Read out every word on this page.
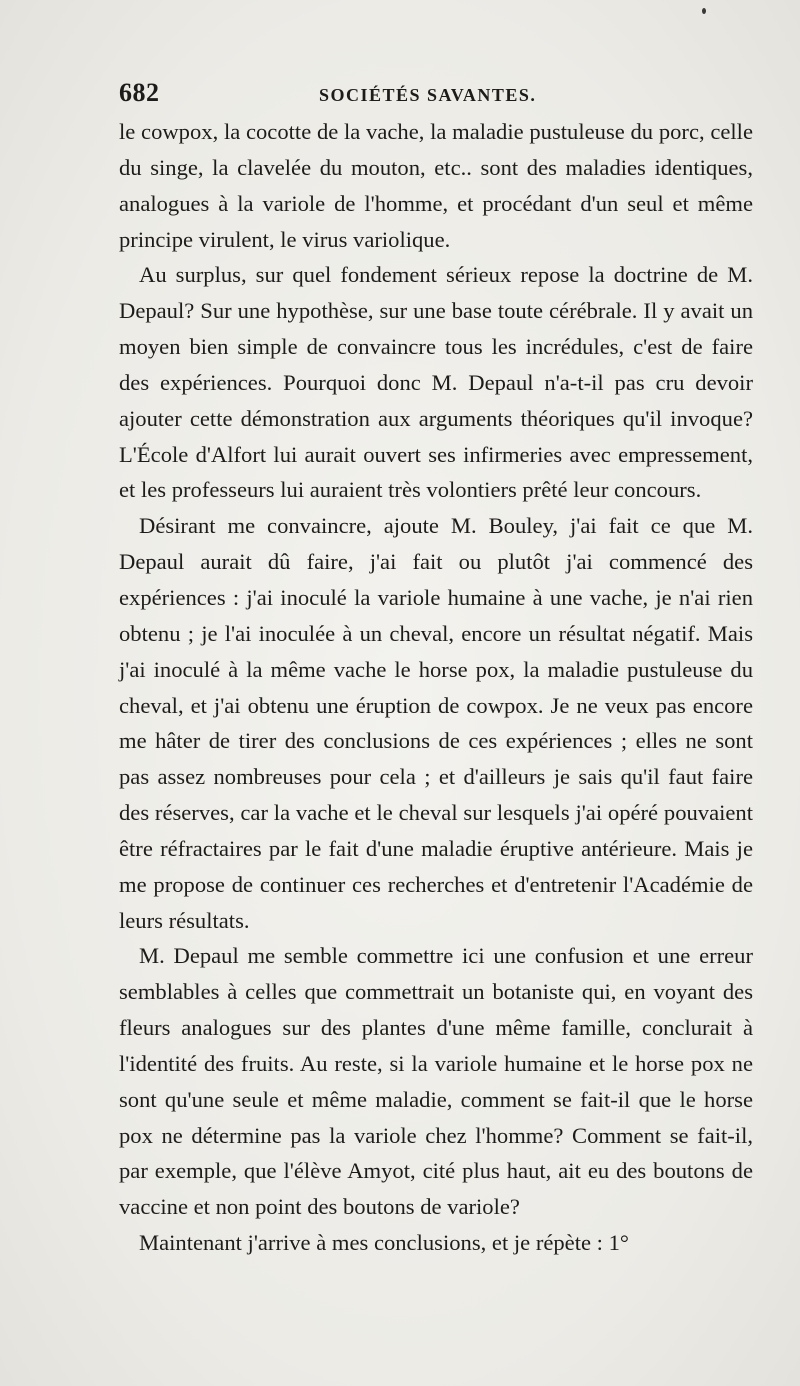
682	SOCIÉTÉS SAVANTES.

le cowpox, la cocotte de la vache, la maladie pustuleuse du porc, celle du singe, la clavelée du mouton, etc.. sont des maladies identiques, analogues à la variole de l'homme, et procédant d'un seul et même principe virulent, le virus variolique.

Au surplus, sur quel fondement sérieux repose la doctrine de M. Depaul? Sur une hypothèse, sur une base toute cérébrale. Il y avait un moyen bien simple de convaincre tous les incrédules, c'est de faire des expériences. Pourquoi donc M. Depaul n'a-t-il pas cru devoir ajouter cette démonstration aux arguments théoriques qu'il invoque? L'École d'Alfort lui aurait ouvert ses infirmeries avec empressement, et les professeurs lui auraient très volontiers prêté leur concours.

Désirant me convaincre, ajoute M. Bouley, j'ai fait ce que M. Depaul aurait dû faire, j'ai fait ou plutôt j'ai commencé des expériences : j'ai inoculé la variole humaine à une vache, je n'ai rien obtenu ; je l'ai inoculée à un cheval, encore un résultat négatif. Mais j'ai inoculé à la même vache le horse pox, la maladie pustuleuse du cheval, et j'ai obtenu une éruption de cowpox. Je ne veux pas encore me hâter de tirer des conclusions de ces expériences ; elles ne sont pas assez nombreuses pour cela ; et d'ailleurs je sais qu'il faut faire des réserves, car la vache et le cheval sur lesquels j'ai opéré pouvaient être réfractaires par le fait d'une maladie éruptive antérieure. Mais je me propose de continuer ces recherches et d'entretenir l'Académie de leurs résultats.

M. Depaul me semble commettre ici une confusion et une erreur semblables à celles que commettrait un botaniste qui, en voyant des fleurs analogues sur des plantes d'une même famille, conclurait à l'identité des fruits. Au reste, si la variole humaine et le horse pox ne sont qu'une seule et même maladie, comment se fait-il que le horse pox ne détermine pas la variole chez l'homme? Comment se fait-il, par exemple, que l'élève Amyot, cité plus haut, ait eu des boutons de vaccine et non point des boutons de variole?

Maintenant j'arrive à mes conclusions, et je répète : 1°
